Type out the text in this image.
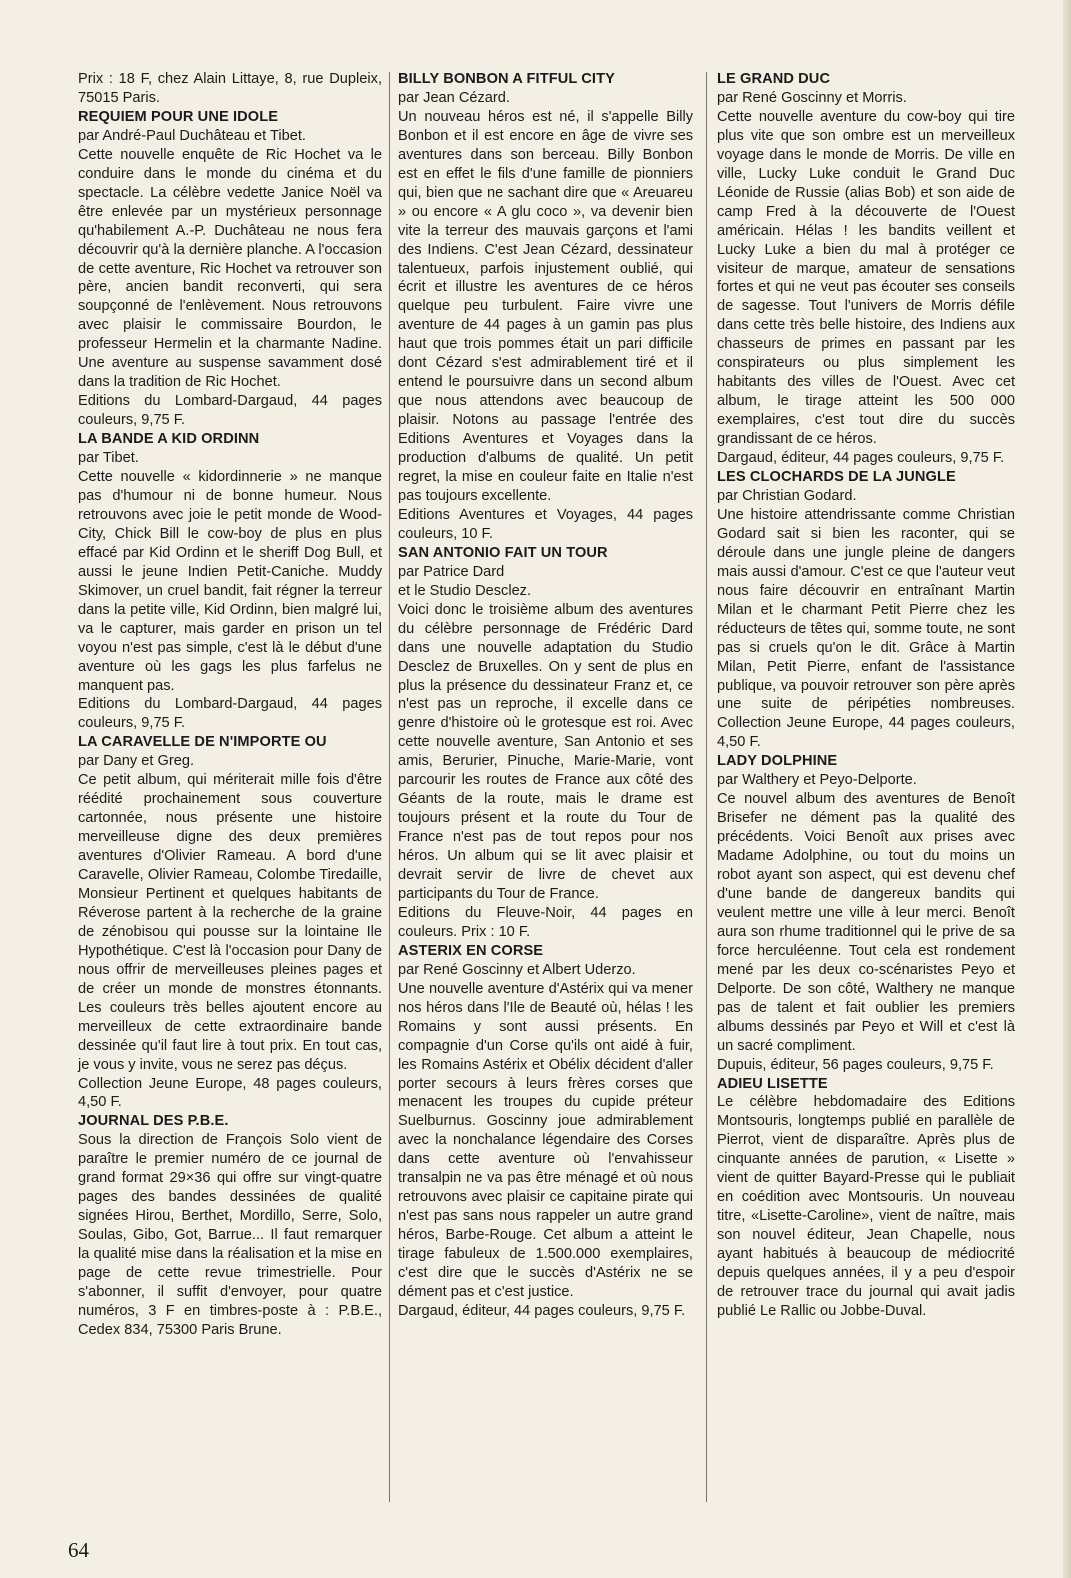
Prix : 18 F, chez Alain Littaye, 8, rue Dupleix, 75015 Paris.

REQUIEM POUR UNE IDOLE

par André-Paul Duchâteau et Tibet.

Cette nouvelle enquête de Ric Hochet va le conduire dans le monde du cinéma et du spectacle. La célèbre vedette Janice Noël va être enlevée par un mystérieux personnage qu'habilement A.-P. Duchâteau ne nous fera découvrir qu'à la dernière planche. A l'occasion de cette aventure, Ric Hochet va retrouver son père, ancien bandit reconverti, qui sera soupçonné de l'enlèvement. Nous retrouvons avec plaisir le commissaire Bourdon, le professeur Hermelin et la charmante Nadine. Une aventure au suspense savamment dosé dans la tradition de Ric Hochet.

Editions du Lombard-Dargaud, 44 pages couleurs, 9,75 F.

LA BANDE A KID ORDINN

par Tibet.

Cette nouvelle « kidordinnerie » ne manque pas d'humour ni de bonne humeur. Nous retrouvons avec joie le petit monde de Wood-City, Chick Bill le cow-boy de plus en plus effacé par Kid Ordinn et le sheriff Dog Bull, et aussi le jeune Indien Petit-Caniche. Muddy Skimover, un cruel bandit, fait régner la terreur dans la petite ville, Kid Ordinn, bien malgré lui, va le capturer, mais garder en prison un tel voyou n'est pas simple, c'est là le début d'une aventure où les gags les plus farfelus ne manquent pas.

Editions du Lombard-Dargaud, 44 pages couleurs, 9,75 F.

LA CARAVELLE DE N'IMPORTE OU

par Dany et Greg.

Ce petit album, qui mériterait mille fois d'être réédité prochainement sous couverture cartonnée, nous présente une histoire merveilleuse digne des deux premières aventures d'Olivier Rameau. A bord d'une Caravelle, Olivier Rameau, Colombe Tiredaille, Monsieur Pertinent et quelques habitants de Réverose partent à la recherche de la graine de zénobisou qui pousse sur la lointaine Ile Hypothétique. C'est là l'occasion pour Dany de nous offrir de merveilleuses pleines pages et de créer un monde de monstres étonnants. Les couleurs très belles ajoutent encore au merveilleux de cette extraordinaire bande dessinée qu'il faut lire à tout prix. En tout cas, je vous y invite, vous ne serez pas déçus.

Collection Jeune Europe, 48 pages couleurs, 4,50 F.

JOURNAL DES P.B.E.

Sous la direction de François Solo vient de paraître le premier numéro de ce journal de grand format 29×36 qui offre sur vingt-quatre pages des bandes dessinées de qualité signées Hirou, Berthet, Mordillo, Serre, Solo, Soulas, Gibo, Got, Barrue... Il faut remarquer la qualité mise dans la réalisation et la mise en page de cette revue trimestrielle. Pour s'abonner, il suffit d'envoyer, pour quatre numéros, 3 F en timbres-poste à : P.B.E., Cedex 834, 75300 Paris Brune.

BILLY BONBON A FITFUL CITY

par Jean Cézard.

Un nouveau héros est né, il s'appelle Billy Bonbon et il est encore en âge de vivre ses aventures dans son berceau. Billy Bonbon est en effet le fils d'une famille de pionniers qui, bien que ne sachant dire que « Areuareu » ou encore « A glu coco », va devenir bien vite la terreur des mauvais garçons et l'ami des Indiens. C'est Jean Cézard, dessinateur talentueux, parfois injustement oublié, qui écrit et illustre les aventures de ce héros quelque peu turbulent. Faire vivre une aventure de 44 pages à un gamin pas plus haut que trois pommes était un pari difficile dont Cézard s'est admirablement tiré et il entend le poursuivre dans un second album que nous attendons avec beaucoup de plaisir. Notons au passage l'entrée des Editions Aventures et Voyages dans la production d'albums de qualité. Un petit regret, la mise en couleur faite en Italie n'est pas toujours excellente.

Editions Aventures et Voyages, 44 pages couleurs, 10 F.

SAN ANTONIO FAIT UN TOUR

par Patrice Dard

et le Studio Desclez.

Voici donc le troisième album des aventures du célèbre personnage de Frédéric Dard dans une nouvelle adaptation du Studio Desclez de Bruxelles. On y sent de plus en plus la présence du dessinateur Franz et, ce n'est pas un reproche, il excelle dans ce genre d'histoire où le grotesque est roi. Avec cette nouvelle aventure, San Antonio et ses amis, Berurier, Pinuche, Marie-Marie, vont parcourir les routes de France aux côté des Géants de la route, mais le drame est toujours présent et la route du Tour de France n'est pas de tout repos pour nos héros. Un album qui se lit avec plaisir et devrait servir de livre de chevet aux participants du Tour de France.

Editions du Fleuve-Noir, 44 pages en couleurs. Prix : 10 F.

ASTERIX EN CORSE

par René Goscinny et Albert Uderzo.

Une nouvelle aventure d'Astérix qui va mener nos héros dans l'Ile de Beauté où, hélas ! les Romains y sont aussi présents. En compagnie d'un Corse qu'ils ont aidé à fuir, les Romains Astérix et Obélix décident d'aller porter secours à leurs frères corses que menacent les troupes du cupide préteur Suelburnus. Goscinny joue admirablement avec la nonchalance légendaire des Corses dans cette aventure où l'envahisseur transalpin ne va pas être ménagé et où nous retrouvons avec plaisir ce capitaine pirate qui n'est pas sans nous rappeler un autre grand héros, Barbe-Rouge. Cet album a atteint le tirage fabuleux de 1.500.000 exemplaires, c'est dire que le succès d'Astérix ne se dément pas et c'est justice.

Dargaud, éditeur, 44 pages couleurs, 9,75 F.

LE GRAND DUC

par René Goscinny et Morris.

Cette nouvelle aventure du cow-boy qui tire plus vite que son ombre est un merveilleux voyage dans le monde de Morris. De ville en ville, Lucky Luke conduit le Grand Duc Léonide de Russie (alias Bob) et son aide de camp Fred à la découverte de l'Ouest américain. Hélas ! les bandits veillent et Lucky Luke a bien du mal à protéger ce visiteur de marque, amateur de sensations fortes et qui ne veut pas écouter ses conseils de sagesse. Tout l'univers de Morris défile dans cette très belle histoire, des Indiens aux chasseurs de primes en passant par les conspirateurs ou plus simplement les habitants des villes de l'Ouest. Avec cet album, le tirage atteint les 500 000 exemplaires, c'est tout dire du succès grandissant de ce héros.

Dargaud, éditeur, 44 pages couleurs, 9,75 F.

LES CLOCHARDS DE LA JUNGLE

par Christian Godard.

Une histoire attendrissante comme Christian Godard sait si bien les raconter, qui se déroule dans une jungle pleine de dangers mais aussi d'amour. C'est ce que l'auteur veut nous faire découvrir en entraînant Martin Milan et le charmant Petit Pierre chez les réducteurs de têtes qui, somme toute, ne sont pas si cruels qu'on le dit. Grâce à Martin Milan, Petit Pierre, enfant de l'assistance publique, va pouvoir retrouver son père après une suite de péripéties nombreuses. Collection Jeune Europe, 44 pages couleurs, 4,50 F.

LADY DOLPHINE

par Walthery et Peyo-Delporte.

Ce nouvel album des aventures de Benoît Brisefer ne dément pas la qualité des précédents. Voici Benoît aux prises avec Madame Adolphine, ou tout du moins un robot ayant son aspect, qui est devenu chef d'une bande de dangereux bandits qui veulent mettre une ville à leur merci. Benoît aura son rhume traditionnel qui le prive de sa force herculéenne. Tout cela est rondement mené par les deux co-scénaristes Peyo et Delporte. De son côté, Walthery ne manque pas de talent et fait oublier les premiers albums dessinés par Peyo et Will et c'est là un sacré compliment.

Dupuis, éditeur, 56 pages couleurs, 9,75 F.

ADIEU LISETTE

Le célèbre hebdomadaire des Editions Montsouris, longtemps publié en parallèle de Pierrot, vient de disparaître. Après plus de cinquante années de parution, « Lisette » vient de quitter Bayard-Presse qui le publiait en coédition avec Montsouris. Un nouveau titre, «Lisette-Caroline», vient de naître, mais son nouvel éditeur, Jean Chapelle, nous ayant habitués à beaucoup de médiocrité depuis quelques années, il y a peu d'espoir de retrouver trace du journal qui avait jadis publié Le Rallic ou Jobbe-Duval.

64
